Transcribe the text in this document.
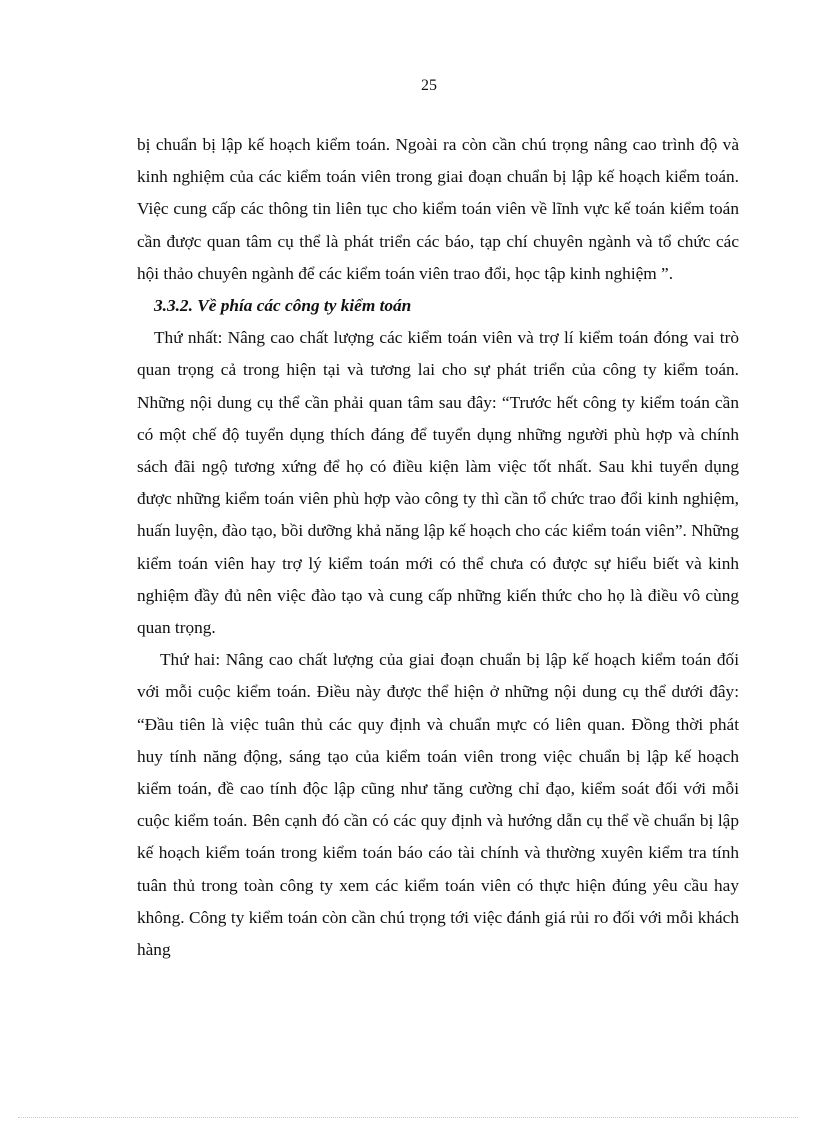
25

bị chuẩn bị lập kế hoạch kiểm toán. Ngoài ra còn cần chú trọng nâng cao trình độ và kinh nghiệm của các kiểm toán viên trong giai đoạn chuẩn bị lập kế hoạch kiểm toán. Việc cung cấp các thông tin liên tục cho kiểm toán viên về lĩnh vực kế toán kiểm toán cần được quan tâm cụ thể là phát triển các báo, tạp chí chuyên ngành và tổ chức các hội thảo chuyên ngành để các kiểm toán viên trao đổi, học tập kinh nghiệm ”.

3.3.2. Về phía các công ty kiểm toán

Thứ nhất: Nâng cao chất lượng các kiểm toán viên và trợ lí kiểm toán đóng vai trò quan trọng cả trong hiện tại và tương lai cho sự phát triển của công ty kiểm toán. Những nội dung cụ thể cần phải quan tâm sau đây: “Trước hết công ty kiểm toán cần có một chế độ tuyển dụng thích đáng để tuyển dụng những người phù hợp và chính sách đãi ngộ tương xứng để họ có điều kiện làm việc tốt nhất. Sau khi tuyển dụng được những kiểm toán viên phù hợp vào công ty thì cần tổ chức trao đổi kinh nghiệm, huấn luyện, đào tạo, bồi dưỡng khả năng lập kế hoạch cho các kiểm toán viên”. Những kiểm toán viên hay trợ lý kiểm toán mới có thể chưa có được sự hiểu biết và kinh nghiệm đầy đủ nên việc đào tạo và cung cấp những kiến thức cho họ là điều vô cùng quan trọng.

Thứ hai: Nâng cao chất lượng của giai đoạn chuẩn bị lập kế hoạch kiểm toán đối với mỗi cuộc kiểm toán. Điều này được thể hiện ở những nội dung cụ thể dưới đây: “Đầu tiên là việc tuân thủ các quy định và chuẩn mực có liên quan. Đồng thời phát huy tính năng động, sáng tạo của kiểm toán viên trong việc chuẩn bị lập kế hoạch kiểm toán, đề cao tính độc lập cũng như tăng cường chỉ đạo, kiểm soát đối với mỗi cuộc kiểm toán. Bên cạnh đó cần có các quy định và hướng dẫn cụ thể về chuẩn bị lập kế hoạch kiểm toán trong kiểm toán báo cáo tài chính và thường xuyên kiểm tra tính tuân thủ trong toàn công ty xem các kiểm toán viên có thực hiện đúng yêu cầu hay không. Công ty kiểm toán còn cần chú trọng tới việc đánh giá rủi ro đối với mỗi khách hàng
